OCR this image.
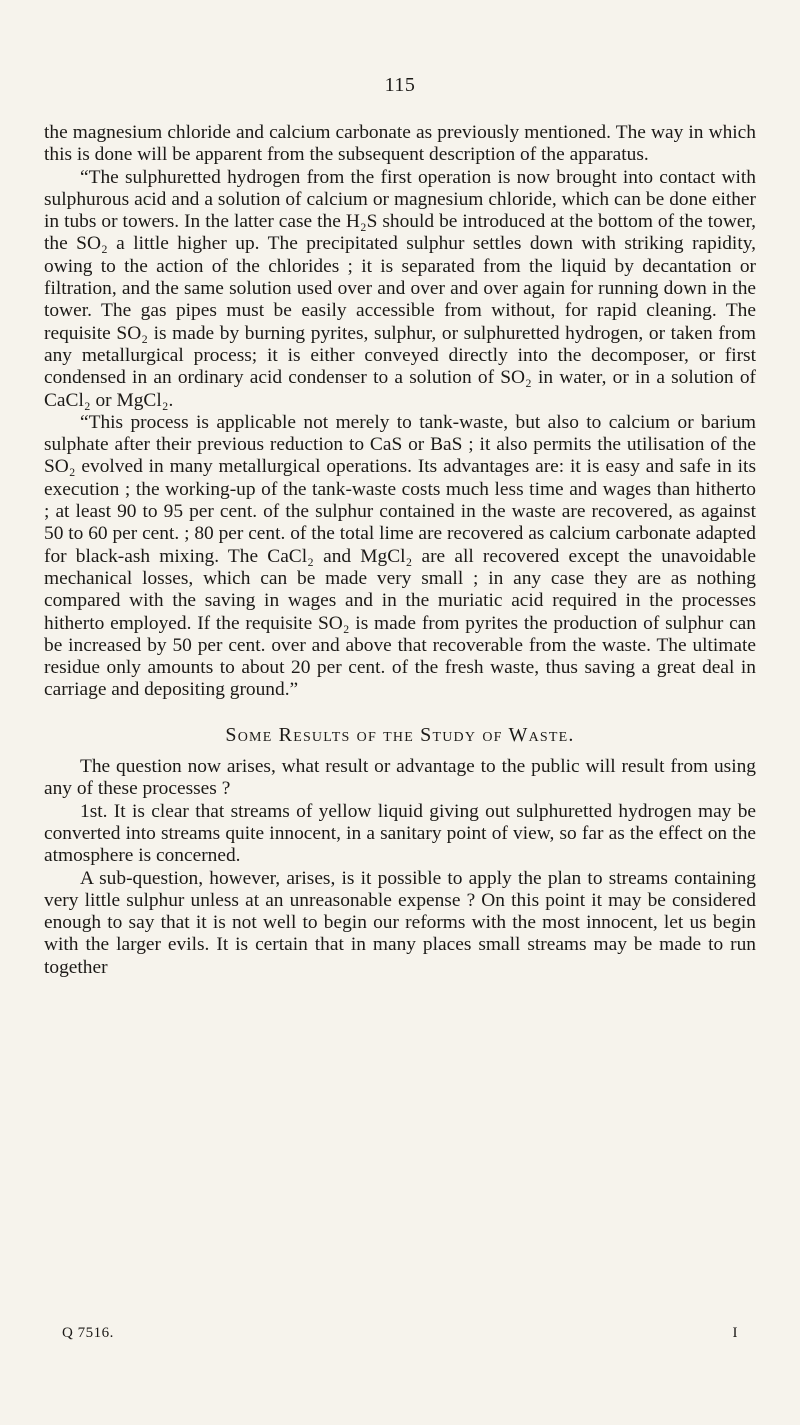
115

the magnesium chloride and calcium carbonate as previously mentioned. The way in which this is done will be apparent from the subsequent description of the apparatus.

“The sulphuretted hydrogen from the first operation is now brought into contact with sulphurous acid and a solution of calcium or magnesium chloride, which can be done either in tubs or towers. In the latter case the H₂S should be introduced at the bottom of the tower, the SO₂ a little higher up. The precipitated sulphur settles down with striking rapidity, owing to the action of the chlorides ; it is separated from the liquid by decantation or filtration, and the same solution used over and over and over again for running down in the tower. The gas pipes must be easily accessible from without, for rapid cleaning. The requisite SO₂ is made by burning pyrites, sulphur, or sulphuretted hydrogen, or taken from any metallurgical process; it is either conveyed directly into the decomposer, or first condensed in an ordinary acid condenser to a solution of SO₂ in water, or in a solution of CaCl₂ or MgCl₂.

“This process is applicable not merely to tank-waste, but also to calcium or barium sulphate after their previous reduction to CaS or BaS ; it also permits the utilisation of the SO₂ evolved in many metallurgical operations. Its advantages are: it is easy and safe in its execution ; the working-up of the tank-waste costs much less time and wages than hitherto ; at least 90 to 95 per cent. of the sulphur contained in the waste are recovered, as against 50 to 60 per cent. ; 80 per cent. of the total lime are recovered as calcium carbonate adapted for black-ash mixing. The CaCl₂ and MgCl₂ are all recovered except the unavoidable mechanical losses, which can be made very small ; in any case they are as nothing compared with the saving in wages and in the muriatic acid required in the processes hitherto employed. If the requisite SO₂ is made from pyrites the production of sulphur can be increased by 50 per cent. over and above that recoverable from the waste. The ultimate residue only amounts to about 20 per cent. of the fresh waste, thus saving a great deal in carriage and depositing ground.”

Some Results of the Study of Waste.

The question now arises, what result or advantage to the public will result from using any of these processes ?

1st. It is clear that streams of yellow liquid giving out sulphuretted hydrogen may be converted into streams quite innocent, in a sanitary point of view, so far as the effect on the atmosphere is concerned.

A sub-question, however, arises, is it possible to apply the plan to streams containing very little sulphur unless at an unreasonable expense ? On this point it may be considered enough to say that it is not well to begin our reforms with the most innocent, let us begin with the larger evils. It is certain that in many places small streams may be made to run together

Q 7516.	I
